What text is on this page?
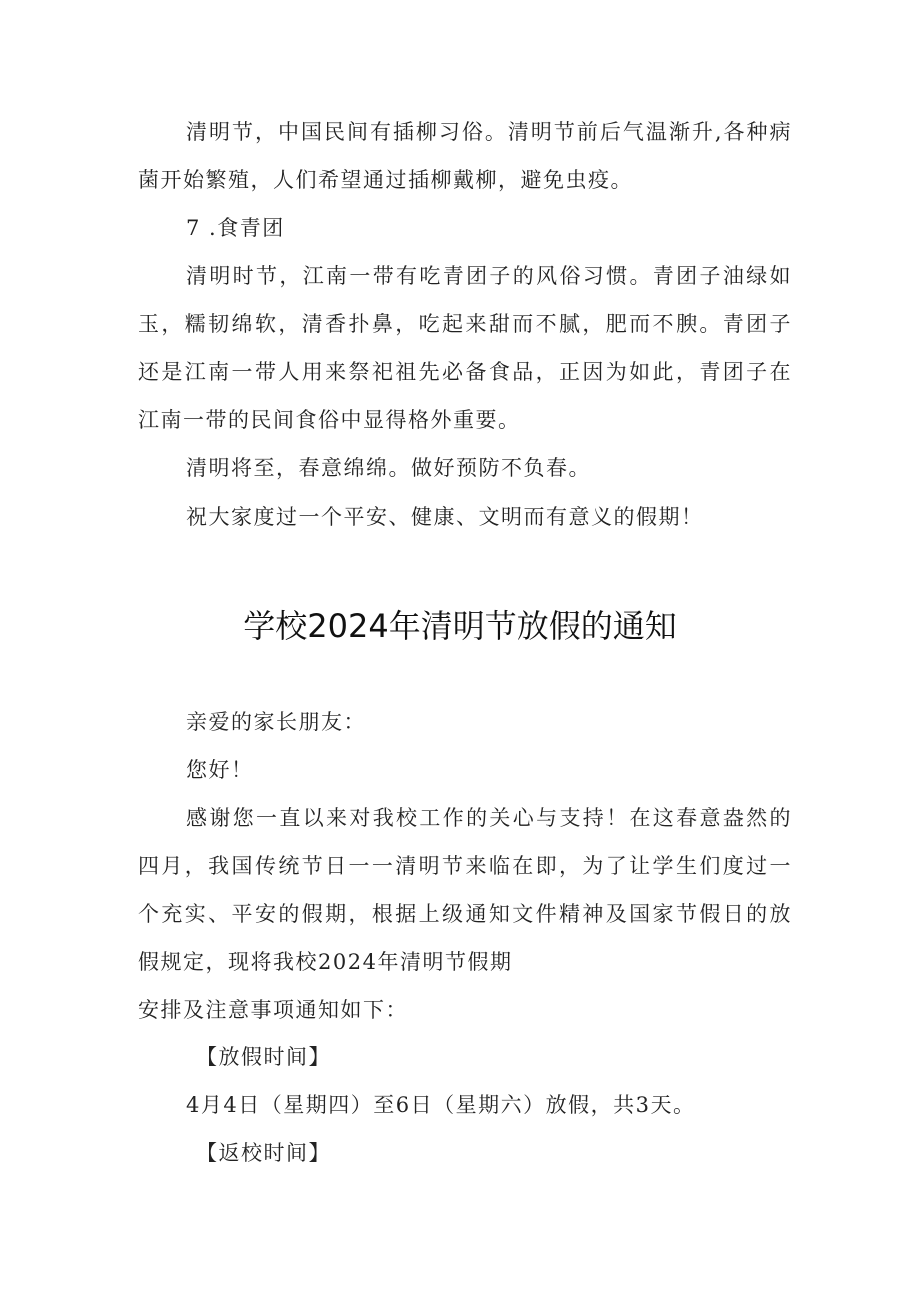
清明节，中国民间有插柳习俗。清明节前后气温渐升,各种病
菌开始繁殖，人们希望通过插柳戴柳，避免虫疫。
7 .食青团
清明时节，江南一带有吃青团子的风俗习惯。青团子油绿如
玉，糯韧绵软，清香扑鼻，吃起来甜而不腻，肥而不腴。青团子
还是江南一带人用来祭祀祖先必备食品，正因为如此，青团子在
江南一带的民间食俗中显得格外重要。
清明将至，春意绵绵。做好预防不负春。
祝大家度过一个平安、健康、文明而有意义的假期！
学校2024年清明节放假的通知
亲爱的家长朋友：
您好！
感谢您一直以来对我校工作的关心与支持！在这春意盎然的
四月，我国传统节日一一清明节来临在即，为了让学生们度过一
个充实、平安的假期，根据上级通知文件精神及国家节假日的放
假规定，现将我校2024年清明节假期
安排及注意事项通知如下：
【放假时间】
4月4日（星期四）至6日（星期六）放假，共3天。
【返校时间】
